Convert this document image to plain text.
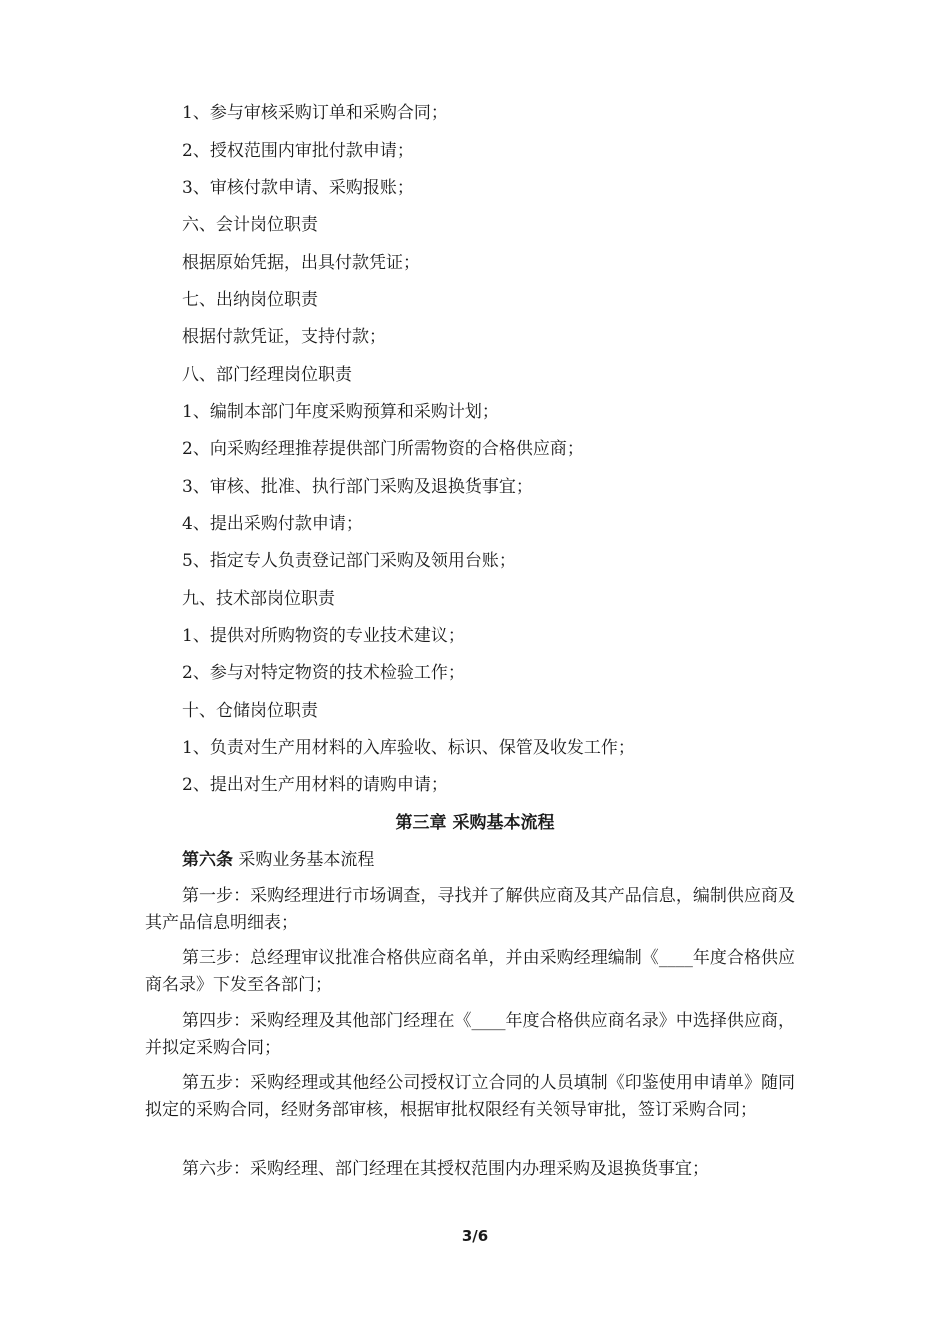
1、参与审核采购订单和采购合同；
2、授权范围内审批付款申请；
3、审核付款申请、采购报账；
六、会计岗位职责
根据原始凭据，出具付款凭证；
七、出纳岗位职责
根据付款凭证，支持付款；
八、部门经理岗位职责
1、编制本部门年度采购预算和采购计划；
2、向采购经理推荐提供部门所需物资的合格供应商；
3、审核、批准、执行部门采购及退换货事宜；
4、提出采购付款申请；
5、指定专人负责登记部门采购及领用台账；
九、技术部岗位职责
1、提供对所购物资的专业技术建议；
2、参与对特定物资的技术检验工作；
十、仓储岗位职责
1、负责对生产用材料的入库验收、标识、保管及收发工作；
2、提出对生产用材料的请购申请；
第三章 采购基本流程
第六条 采购业务基本流程
第一步：采购经理进行市场调查，寻找并了解供应商及其产品信息，编制供应商及其产品信息明细表；
第三步：总经理审议批准合格供应商名单，并由采购经理编制《____年度合格供应商名录》下发至各部门；
第四步：采购经理及其他部门经理在《____年度合格供应商名录》中选择供应商，并拟定采购合同；
第五步：采购经理或其他经公司授权订立合同的人员填制《印鉴使用申请单》随同拟定的采购合同，经财务部审核，根据审批权限经有关领导审批，签订采购合同；
第六步：采购经理、部门经理在其授权范围内办理采购及退换货事宜；
3/6
